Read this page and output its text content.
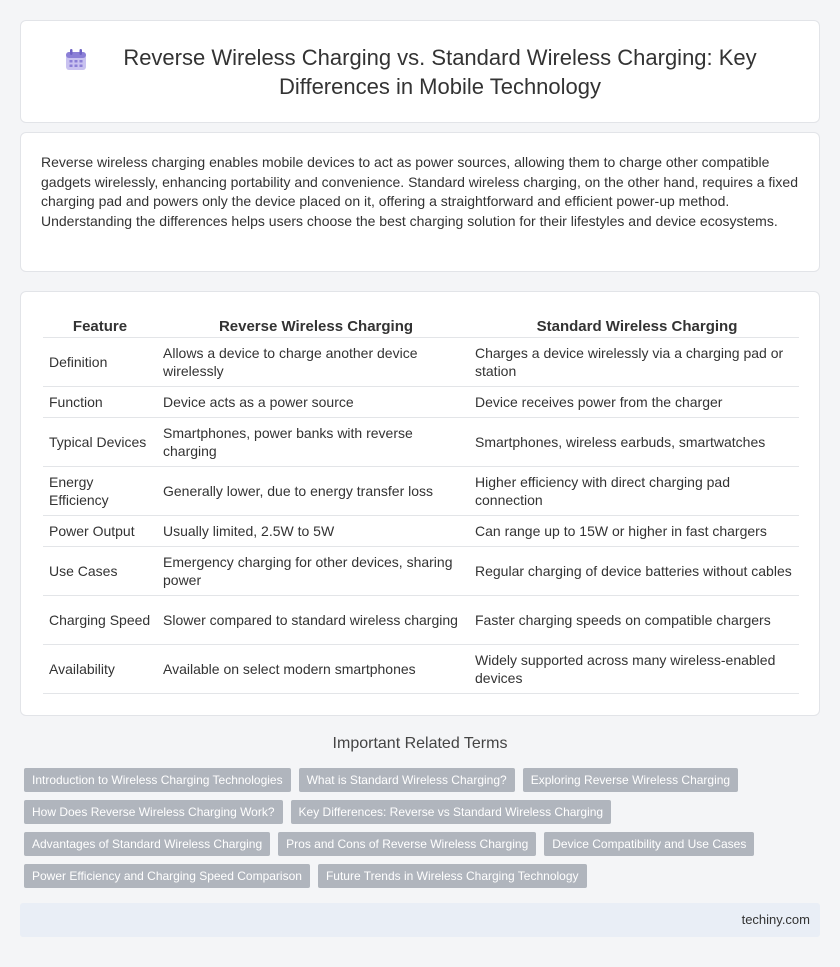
Reverse Wireless Charging vs. Standard Wireless Charging: Key Differences in Mobile Technology

Reverse wireless charging enables mobile devices to act as power sources, allowing them to charge other compatible gadgets wirelessly, enhancing portability and convenience. Standard wireless charging, on the other hand, requires a fixed charging pad and powers only the device placed on it, offering a straightforward and efficient power-up method. Understanding the differences helps users choose the best charging solution for their lifestyles and device ecosystems.

Feature	Reverse Wireless Charging	Standard Wireless Charging
Definition	Allows a device to charge another device wirelessly	Charges a device wirelessly via a charging pad or station
Function	Device acts as a power source	Device receives power from the charger
Typical Devices	Smartphones, power banks with reverse charging	Smartphones, wireless earbuds, smartwatches
Energy Efficiency	Generally lower, due to energy transfer loss	Higher efficiency with direct charging pad connection
Power Output	Usually limited, 2.5W to 5W	Can range up to 15W or higher in fast chargers
Use Cases	Emergency charging for other devices, sharing power	Regular charging of device batteries without cables
Charging Speed	Slower compared to standard wireless charging	Faster charging speeds on compatible chargers
Availability	Available on select modern smartphones	Widely supported across many wireless-enabled devices
Important Related Terms
Introduction to Wireless Charging Technologies	What is Standard Wireless Charging?	Exploring Reverse Wireless Charging
How Does Reverse Wireless Charging Work?	Key Differences: Reverse vs Standard Wireless Charging
Advantages of Standard Wireless Charging	Pros and Cons of Reverse Wireless Charging	Device Compatibility and Use Cases
Power Efficiency and Charging Speed Comparison	Future Trends in Wireless Charging Technology
techiny.com
